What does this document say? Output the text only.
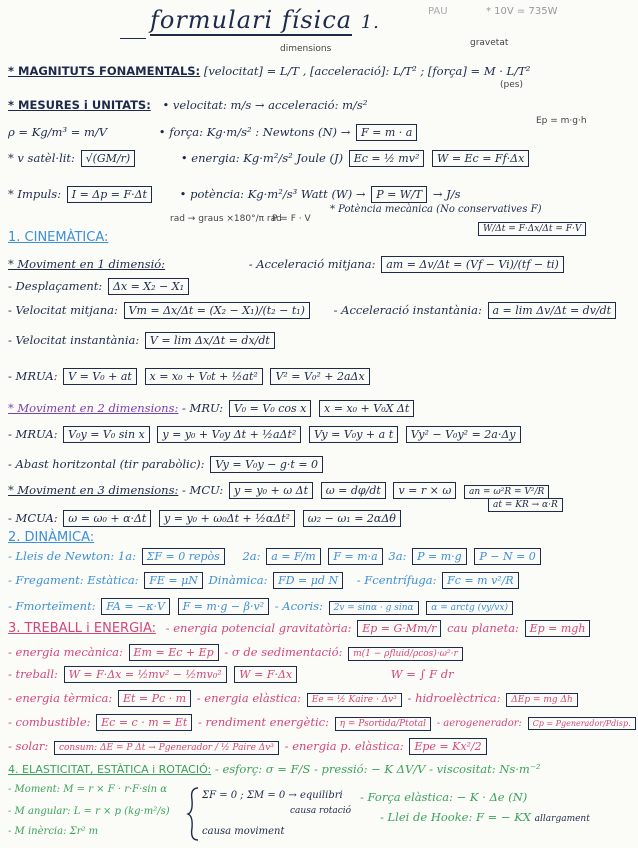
PAU	* 10V = 735W
formulari física 1.
dimensions
gravetat
* MAGNITUTS FONAMENTALS: [velocitat] = L/T , [acceleració]: L/T² ; [força] = M · L/T²
(pes)
* MESURES i UNITATS: • velocitat: m/s → acceleració: m/s²
ρ = Kg/m³ = m/V	• força: Kg·m/s² : Newtons (N) → F = m · a
Ep = m·g·h
* v satèl·lit: √(GM/r)	• energia: Kg·m²/s² Joule (J) Ec = ½ mv² W = Ec = Ff·Δx
* Impuls: I = Δp = F·Δt	• potència: Kg·m²/s³ Watt (W) → P = W/T → J/s
rad → graus ×180°/π rad
P = F · V
* Potència mecànica (No conservatives F)
W/Δt = F·Δx/Δt = F·V
1. CINEMÀTICA:
* Moviment en 1 dimensió:	- Acceleració mitjana: am = Δv/Δt = (Vf − Vi)/(tf − ti)
- Desplaçament: Δx = X₂ − X₁
- Velocitat mitjana: Vm = Δx/Δt = (X₂ − X₁)/(t₂ − t₁) - Acceleració instantània: a = lim Δv/Δt = dv/dt
- Velocitat instantània: V = lim Δx/Δt = dx/dt
- MRUA: V = V₀ + at x = x₀ + V₀t + ½at² V² = V₀² + 2aΔx
* Moviment en 2 dimensions: - MRU: V₀ = V₀ cos x x = x₀ + V₀X Δt
- MRUA: V₀y = V₀ sin x y = y₀ + V₀y Δt + ½aΔt² Vy = V₀y + a t Vy² − V₀y² = 2a·Δy
- Abast horitzontal (tir parabòlic): Vy = V₀y − g·t = 0
* Moviment en 3 dimensions: - MCU: y = y₀ + ω Δt ω = dφ/dt v = r × ω an = ω²R = V²/R
at = KR → α·R
- MCUA: ω = ω₀ + α·Δt y = y₀ + ω₀Δt + ½αΔt² ω₂ − ω₁ = 2αΔθ
2. DINÀMICA:
- Lleis de Newton: 1a: ΣF = 0 repòs 2a: a = F/m F = m·a 3a: P = m·g P − N = 0
- Fregament: Estàtica: FE = μN Dinàmica: FD = μd N - Fcentrífuga: Fc = m v²/R
- Fmorteïment: FA = −κ·V F = m·g − β·v² - Acoris: 2v = sinα · g sinα α = arctg (vy/vx)
3. TREBALL i ENERGIA: - energia potencial gravitatòria: Ep = G·Mm/r cau planeta: Ep = mgh
- energia mecànica: Em = Ec + Ep - σ de sedimentació: m(1 − ρfluid/ρcos)·ω²·r
- treball: W = F·Δx = ½mv² − ½mv₀² W = F·Δx	W = ∫ F dr
- energia tèrmica: Et = Pc · m - energia elàstica: Ee = ½ Kaire · Δv³ - hidroelèctrica: ΔEp = mg Δh
- combustible: Ec = c · m = Et - rendiment energètic: η = Psortida/Ptotal - aerogenerador: Cp = Pgenerador/Pdisp.
- solar: consum: ΔE = P Δt → Pgenerador / ½ Paire Δv³ - energia p. elàstica: Epe = Kx²/2
4. ELASTICITAT, ESTÀTICA i ROTACIÓ: - esforç: σ = F/S - pressió: − K ΔV/V - viscositat: Ns·m⁻²
- Moment: M = r × F · r·F·sin α
ΣF = 0 ; ΣM = 0 → equilibri - Força elàstica: − K · Δe (N)
- M angular: L = r × p (kg·m²/s)	causa rotació	- Llei de Hooke: F = − KX allargament
- M inèrcia: Σr² m	causa moviment
